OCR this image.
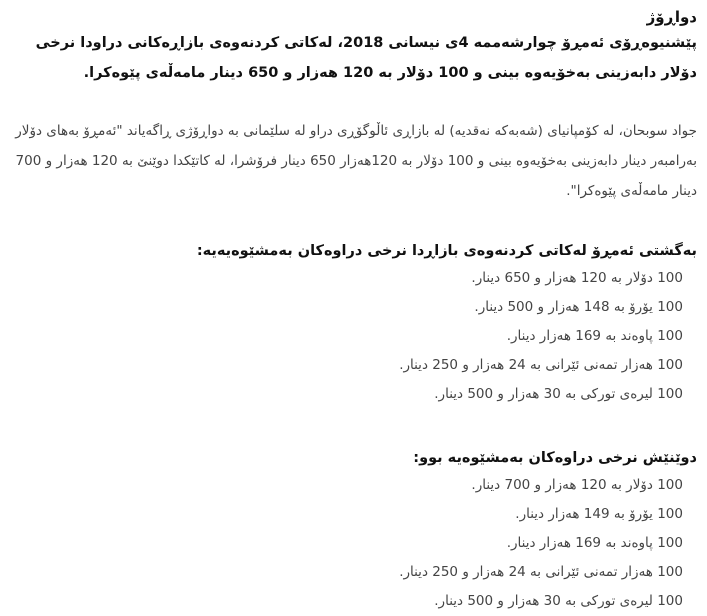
دواڕۆژ

پێشنیوەڕۆی ئەمڕۆ چوارشەممە 4ی نیسانی 2018، لەکاتی کردنەوەی بازاڕەکانی دراودا نرخی دۆلار دابەزینی بەخۆیەوە بینی و 100 دۆلار بە 120 هەزار و 650 دینار مامەڵەی پێوەکرا.

جواد سوبحان، لە کۆمپانیای (شەبەکە نەقدیە) لە بازاڕی ئاڵوگۆڕی دراو لە سلێمانی بە دواڕۆژی ڕاگەیاند "ئەمڕۆ بەهای دۆلار بەرامبەر دینار دابەزینی بەخۆیەوە بینی و 100 دۆلار بە 120هەزار 650 دینار فرۆشرا، لە کاتێکدا دوێنێ بە 120 هەزار و 700 دینار مامەڵەی پێوەکرا".

بەگشتی ئەمڕۆ لەکاتی کردنەوەی بازاڕدا نرخی دراوەکان بەمشێوەیەیە:

100 دۆلار بە 120 هەزار و 650 دینار.
100 یۆرۆ بە 148 هەزار و 500 دینار.
100 پاوەند بە 169 هەزار دینار.
100 هەزار تمەنی ئێرانی بە 24 هەزار و 250 دینار.
100 لیرەی تورکی بە 30 هەزار و 500 دینار.

دوێنێش نرخی دراوەکان بەمشێوەیە بوو:

100 دۆلار بە 120 هەزار و 700 دینار.
100 یۆرۆ بە 149 هەزار دینار.
100 پاوەند بە 169 هەزار دینار.
100 هەزار تمەنی ئێرانی بە 24 هەزار و 250 دینار.
100 لیرەی تورکی بە 30 هەزار و 500 دینار.
